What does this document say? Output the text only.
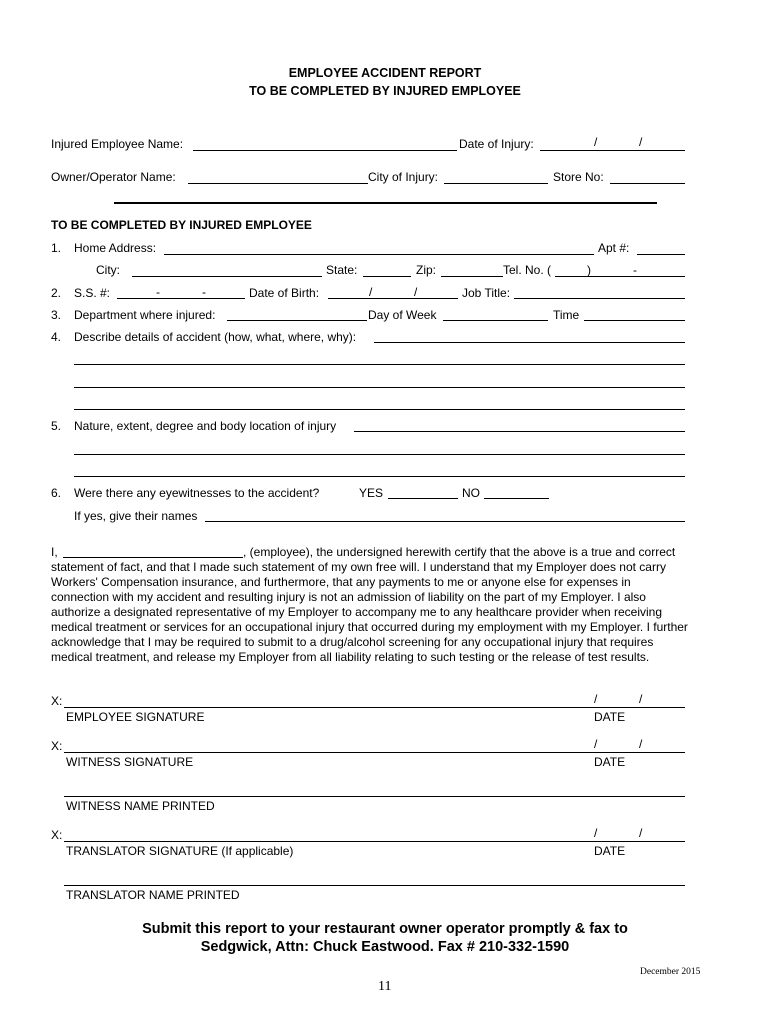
EMPLOYEE ACCIDENT REPORT
TO BE COMPLETED BY INJURED EMPLOYEE
Injured Employee Name:	Date of Injury:	/	/
Owner/Operator Name:	City of Injury:	Store No:
TO BE COMPLETED BY INJURED EMPLOYEE
1. Home Address:	Apt #:
City:	State:	Zip:	Tel. No. (	)	-
2. S.S. #:	-	-	Date of Birth:	/	/	Job Title:
3. Department where injured:	Day of Week	Time
4. Describe details of accident (how, what, where, why):
5. Nature, extent, degree and body location of injury
6. Were there any eyewitnesses to the accident?	YES	NO
If yes, give their names
I,	, (employee), the undersigned herewith certify that the above is a true and correct
statement of fact, and that I made such statement of my own free will. I understand that my Employer does not carry Workers' Compensation insurance, and furthermore, that any payments to me or anyone else for expenses in connection with my accident and resulting injury is not an admission of liability on the part of my Employer. I also authorize a designated representative of my Employer to accompany me to any healthcare provider when receiving medical treatment or services for an occupational injury that occurred during my employment with my Employer. I further acknowledge that I may be required to submit to a drug/alcohol screening for any occupational injury that requires medical treatment, and release my Employer from all liability relating to such testing or the release of test results.
X:	/	/
EMPLOYEE SIGNATURE	DATE
X:	/	/
WITNESS SIGNATURE	DATE
WITNESS NAME PRINTED
X:	/	/
TRANSLATOR SIGNATURE (If applicable)	DATE
TRANSLATOR NAME PRINTED
Submit this report to your restaurant owner operator promptly & fax to
Sedgwick, Attn: Chuck Eastwood. Fax # 210-332-1590
December 2015
11
